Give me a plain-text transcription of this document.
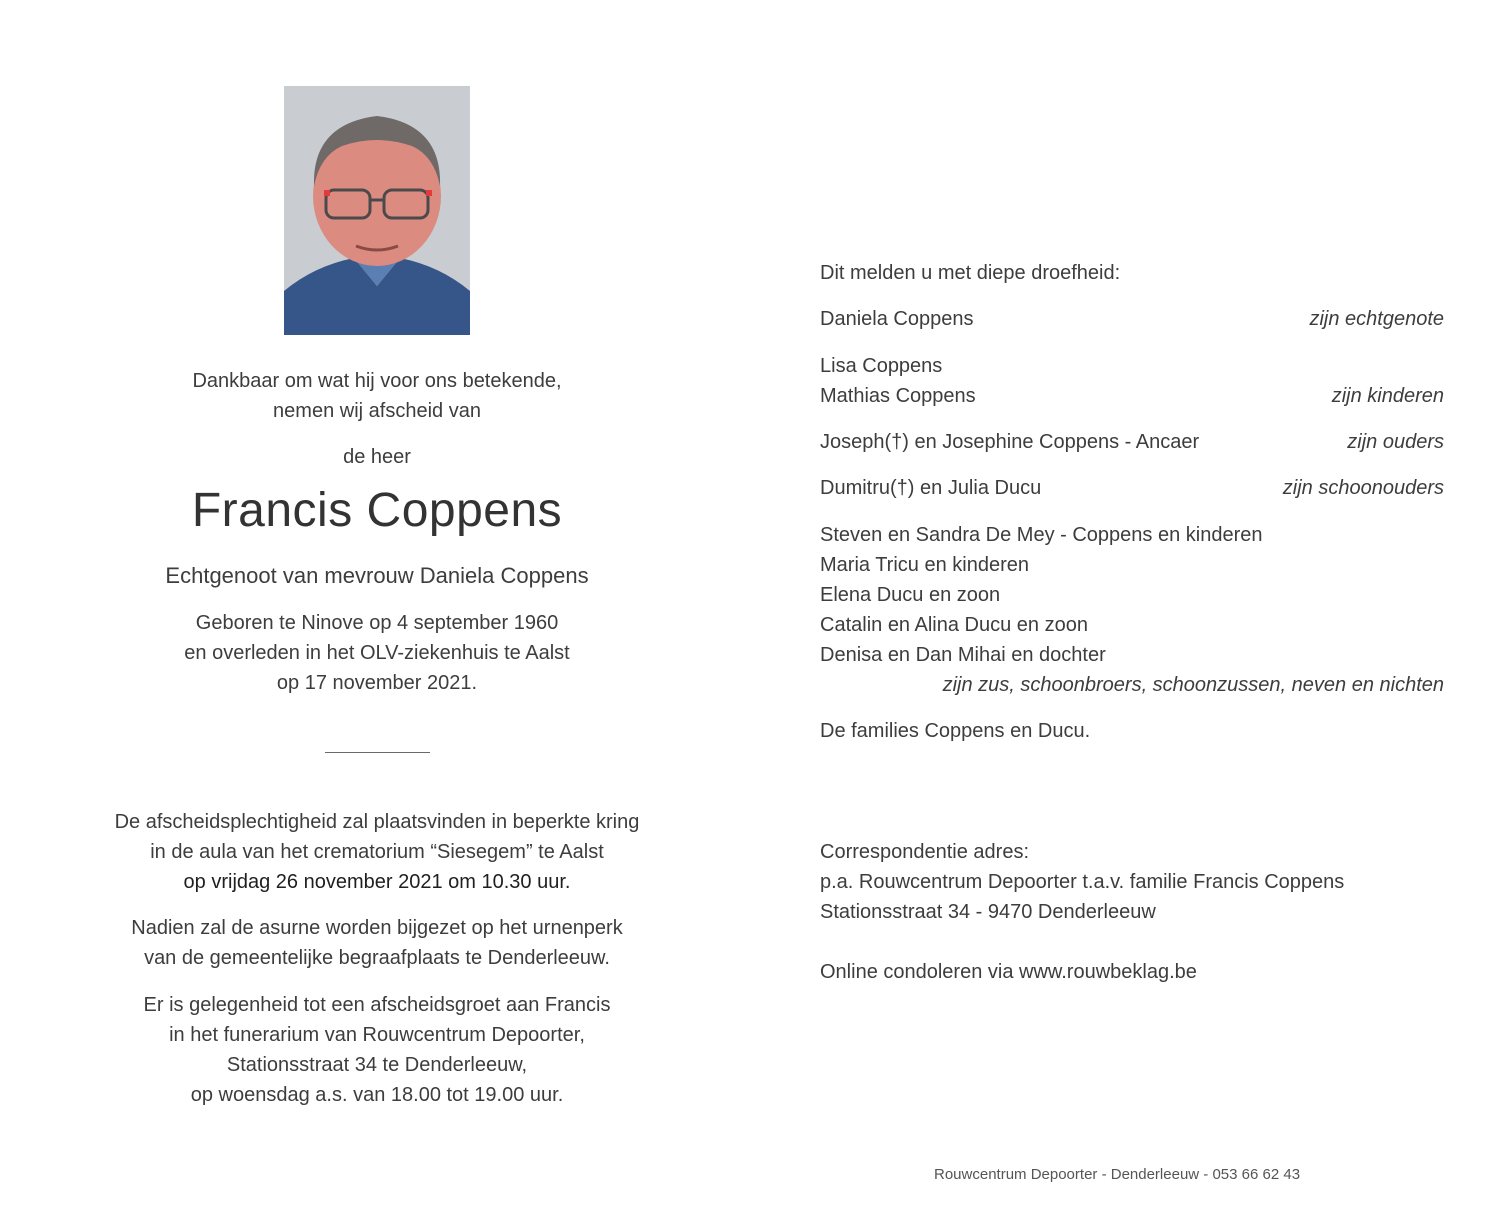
Dankbaar om wat hij voor ons betekende,
nemen wij afscheid van
de heer
Francis Coppens
Echtgenoot van mevrouw Daniela Coppens
Geboren te Ninove op 4 september 1960
en overleden in het OLV-ziekenhuis te Aalst
op 17 november 2021.
De afscheidsplechtigheid zal plaatsvinden in beperkte kring
in de aula van het crematorium “Siesegem” te Aalst
op vrijdag 26 november 2021 om 10.30 uur.
Nadien zal de asurne worden bijgezet op het urnenperk
van de gemeentelijke begraafplaats te Denderleeuw.
Er is gelegenheid tot een afscheidsgroet aan Francis
in het funerarium van Rouwcentrum Depoorter,
Stationsstraat 34 te Denderleeuw,
op woensdag a.s. van 18.00 tot 19.00 uur.
Dit melden u met diepe droefheid:
Daniela Coppens	zijn echtgenote
Lisa Coppens
Mathias Coppens	zijn kinderen
Joseph(†) en Josephine Coppens - Ancaer	zijn ouders
Dumitru(†) en Julia Ducu	zijn schoonouders
Steven en Sandra De Mey - Coppens en kinderen
Maria Tricu en kinderen
Elena Ducu en zoon
Catalin en Alina Ducu en zoon
Denisa en Dan Mihai en dochter
zijn zus, schoonbroers, schoonzussen, neven en nichten
De families Coppens en Ducu.
Correspondentie adres:
p.a. Rouwcentrum Depoorter t.a.v. familie Francis Coppens
Stationsstraat 34 - 9470 Denderleeuw
Online condoleren via www.rouwbeklag.be
Rouwcentrum Depoorter - Denderleeuw - 053 66 62 43
